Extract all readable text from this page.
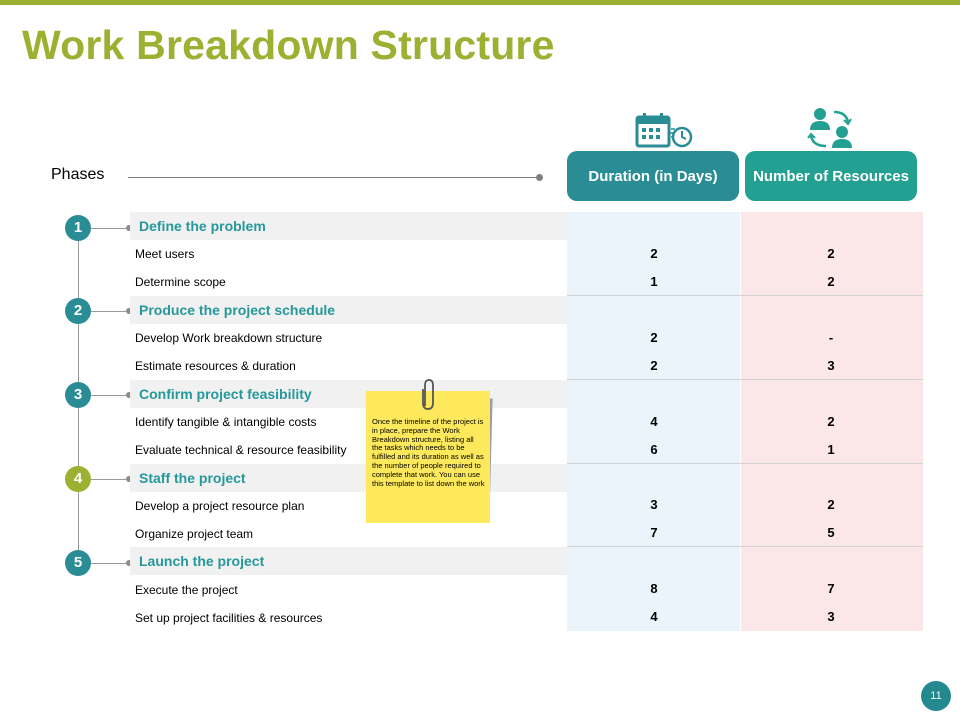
Work Breakdown Structure
Phases	Duration (in Days)	Number of Resources
1	Define the problem
Meet users	2	2
Determine scope	1	2
2	Produce the project schedule
Develop Work breakdown structure	2	-
Estimate resources & duration	2	3
3	Confirm project feasibility
Identify tangible & intangible costs	4	2
Evaluate technical & resource feasibility	6	1
4	Staff the project
Develop a project resource plan	3	2
Organize project team	7	5
5	Launch the project
Execute the project	8	7
Set up project facilities & resources	4	3
Once the timeline of the project is in place, prepare the Work Breakdown structure, listing all the tasks which needs to be fulfilled and its duration as well as the number of people required to complete that work. You can use this template to list down the work
11
